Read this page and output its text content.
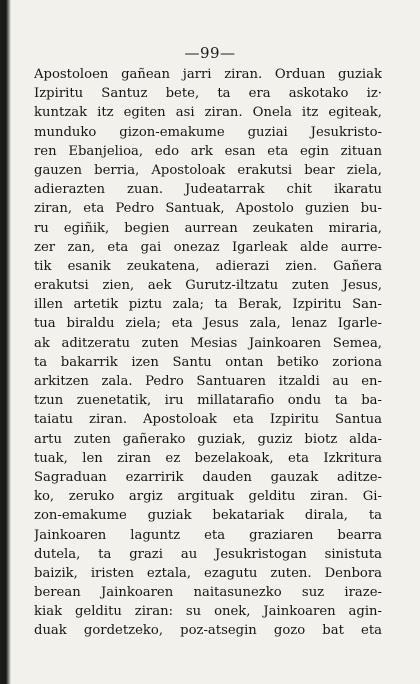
—99—
Apostoloen gañean jarri ziran. Orduan guziak
Izpiritu Santuz bete, ta era askotako iz·
kuntzak itz egiten asi ziran. Onela itz egiteak,
munduko gizon-emakume guziai Jesukristo-
ren Ebanjelioa, edo ark esan eta egin zituan
gauzen berria, Apostoloak erakutsi bear ziela,
adierazten zuan. Judeatarrak chit ikaratu
ziran, eta Pedro Santuak, Apostolo guzien bu-
ru egiñik, begien aurrean zeukaten miraria,
zer zan, eta gai onezaz Igarleak alde aurre-
tik esanik zeukatena, adierazi zien. Gañera
erakutsi zien, aek Gurutz-iltzatu zuten Jesus,
illen artetik piztu zala; ta Berak, Izpiritu San-
tua biraldu ziela; eta Jesus zala, lenaz Igarle-
ak aditzeratu zuten Mesias Jainkoaren Semea,
ta bakarrik izen Santu ontan betiko zoriona
arkitzen zala. Pedro Santuaren itzaldi au en-
tzun zuenetatik, iru millatarafio ondu ta ba-
taiatu ziran. Apostoloak eta Izpiritu Santua
artu zuten gañerako guziak, guziz biotz alda-
tuak, len ziran ez bezelakoak, eta Izkritura
Sagraduan ezarririk dauden gauzak aditze-
ko, zeruko argiz argituak gelditu ziran. Gi-
zon-emakume guziak bekatariak dirala, ta
Jainkoaren laguntz eta graziaren bearra
dutela, ta grazi au Jesukristogan sinistuta
baizik, iristen eztala, ezagutu zuten. Denbora
berean Jainkoaren naitasunezko suz iraze-
kiak gelditu ziran: su onek, Jainkoaren agin-
duak gordetzeko, poz-atsegin gozo bat eta
